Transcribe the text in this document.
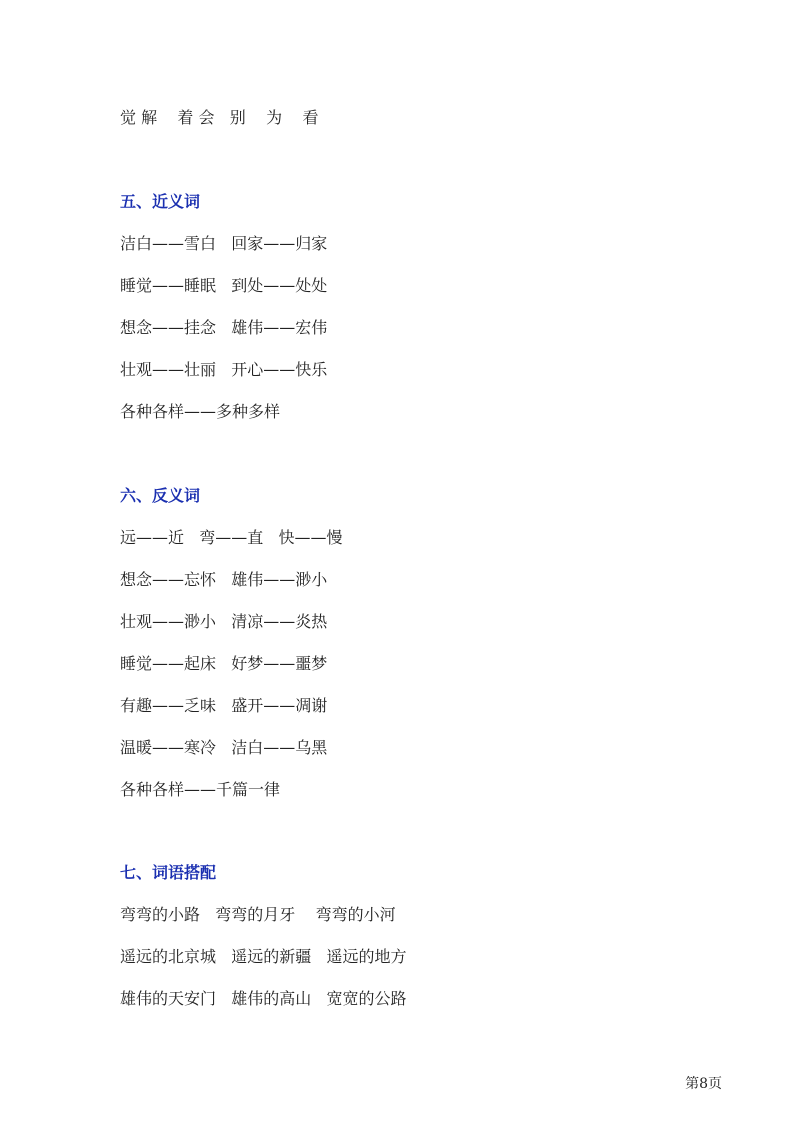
觉 解    着 会   别    为    看
五、近义词
洁白——雪白   回家——归家
睡觉——睡眠   到处——处处
想念——挂念   雄伟——宏伟
壮观——壮丽   开心——快乐
各种各样——多种多样
六、反义词
远——近   弯——直   快——慢
想念——忘怀   雄伟——渺小
壮观——渺小   清凉——炎热
睡觉——起床   好梦——噩梦
有趣——乏味   盛开——凋谢
温暖——寒冷   洁白——乌黑
各种各样——千篇一律
七、词语搭配
弯弯的小路   弯弯的月牙    弯弯的小河
遥远的北京城   遥远的新疆   遥远的地方
雄伟的天安门   雄伟的高山   宽宽的公路
第8页
